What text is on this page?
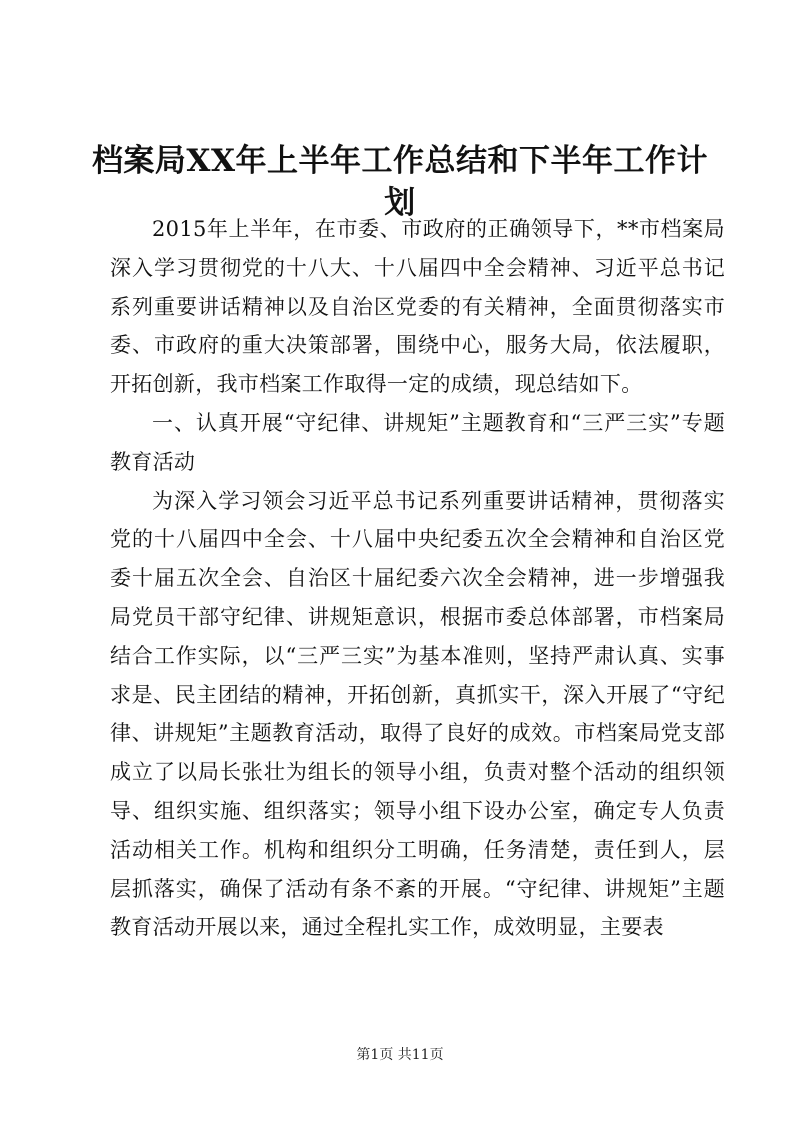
档案局XX年上半年工作总结和下半年工作计划

2015年上半年，在市委、市政府的正确领导下，**市档案局深入学习贯彻党的十八大、十八届四中全会精神、习近平总书记系列重要讲话精神以及自治区党委的有关精神，全面贯彻落实市委、市政府的重大决策部署，围绕中心，服务大局，依法履职，开拓创新，我市档案工作取得一定的成绩，现总结如下。

一、认真开展“守纪律、讲规矩”主题教育和“三严三实”专题教育活动

为深入学习领会习近平总书记系列重要讲话精神，贯彻落实党的十八届四中全会、十八届中央纪委五次全会精神和自治区党委十届五次全会、自治区十届纪委六次全会精神，进一步增强我局党员干部守纪律、讲规矩意识，根据市委总体部署，市档案局结合工作实际，以“三严三实”为基本准则，坚持严肃认真、实事求是、民主团结的精神，开拓创新，真抓实干，深入开展了“守纪律、讲规矩”主题教育活动，取得了良好的成效。市档案局党支部成立了以局长张壮为组长的领导小组，负责对整个活动的组织领导、组织实施、组织落实；领导小组下设办公室，确定专人负责活动相关工作。机构和组织分工明确，任务清楚，责任到人，层层抓落实，确保了活动有条不紊的开展。“守纪律、讲规矩”主题教育活动开展以来，通过全程扎实工作，成效明显，主要表

第1页 共11页
